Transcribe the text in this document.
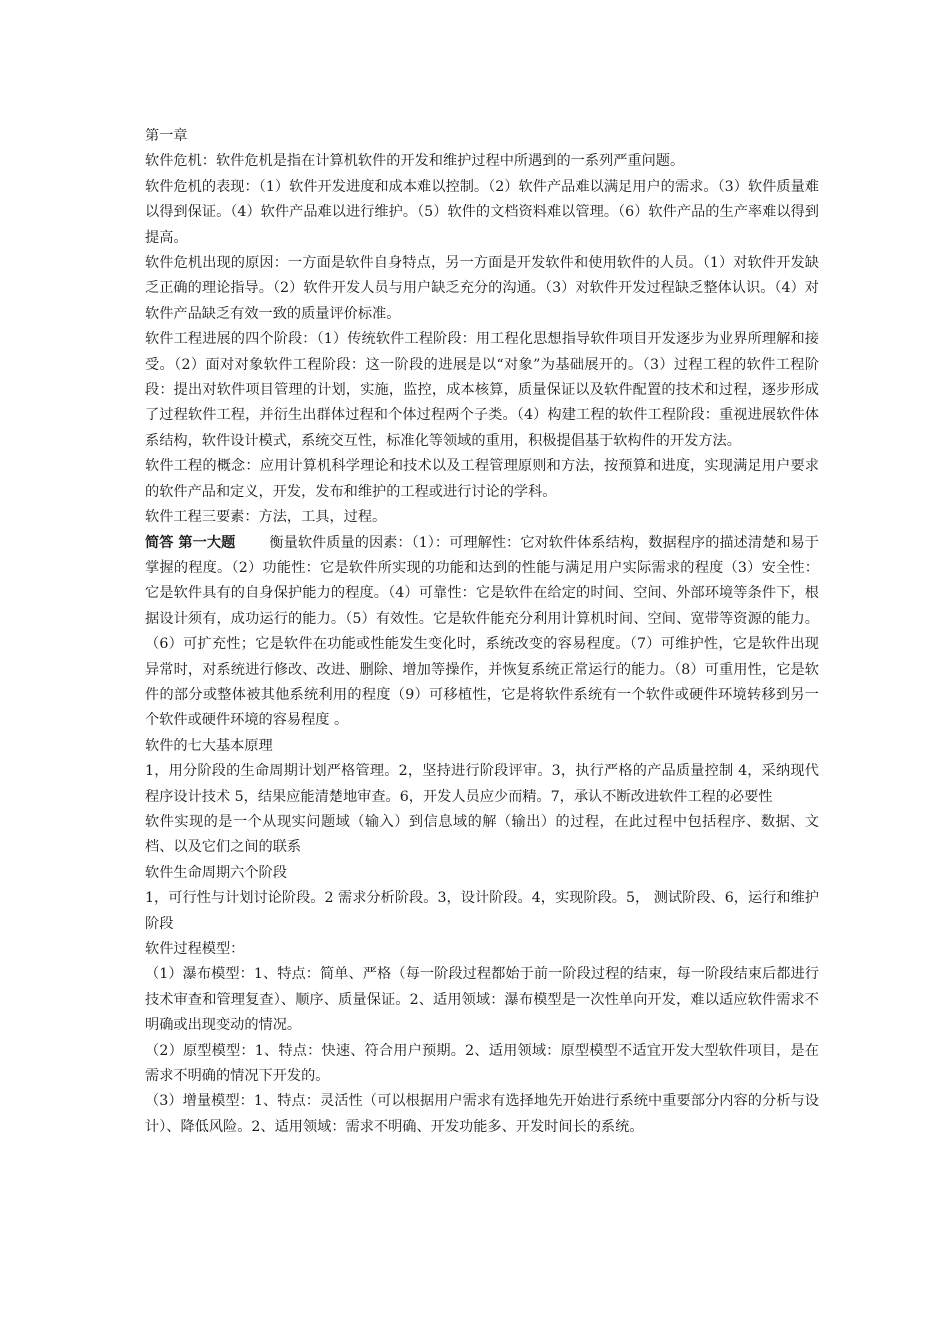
第一章

软件危机：软件危机是指在计算机软件的开发和维护过程中所遇到的一系列严重问题。

软件危机的表现：（1）软件开发进度和成本难以控制。（2）软件产品难以满足用户的需求。（3）软件质量难以得到保证。（4）软件产品难以进行维护。（5）软件的文档资料难以管理。（6）软件产品的生产率难以得到提高。

软件危机出现的原因：一方面是软件自身特点，另一方面是开发软件和使用软件的人员。（1）对软件开发缺乏正确的理论指导。（2）软件开发人员与用户缺乏充分的沟通。（3）对软件开发过程缺乏整体认识。（4）对软件产品缺乏有效一致的质量评价标准。

软件工程进展的四个阶段：（1）传统软件工程阶段：用工程化思想指导软件项目开发逐步为业界所理解和接受。（2）面对对象软件工程阶段：这一阶段的进展是以“对象”为基础展开的。（3）过程工程的软件工程阶段：提出对软件项目管理的计划，实施，监控，成本核算，质量保证以及软件配置的技术和过程，逐步形成了过程软件工程，并衍生出群体过程和个体过程两个子类。（4）构建工程的软件工程阶段：重视进展软件体系结构，软件设计模式，系统交互性，标准化等领域的重用，积极提倡基于软构件的开发方法。

软件工程的概念：应用计算机科学理论和技术以及工程管理原则和方法，按预算和进度，实现满足用户要求的软件产品和定义，开发，发布和维护的工程或进行讨论的学科。

软件工程三要素：方法，工具，过程。

简答 第一大题 衡量软件质量的因素：（1）：可理解性：它对软件体系结构，数据程序的描述清楚和易于掌握的程度。（2）功能性：它是软件所实现的功能和达到的性能与满足用户实际需求的程度（3）安全性：它是软件具有的自身保护能力的程度。（4）可靠性：它是软件在给定的时间、空间、外部环境等条件下，根据设计须有，成功运行的能力。（5）有效性。它是软件能充分利用计算机时间、空间、宽带等资源的能力。（6）可扩充性；它是软件在功能或性能发生变化时，系统改变的容易程度。（7）可维护性，它是软件出现异常时，对系统进行修改、改进、删除、增加等操作，并恢复系统正常运行的能力。（8）可重用性，它是软件的部分或整体被其他系统利用的程度（9）可移植性，它是将软件系统有一个软件或硬件环境转移到另一个软件或硬件环境的容易程度 。

软件的七大基本原理

1，用分阶段的生命周期计划严格管理。2，坚持进行阶段评审。3，执行严格的产品质量控制 4，采纳现代程序设计技术 5，结果应能清楚地审查。6，开发人员应少而精。7，承认不断改进软件工程的必要性

软件实现的是一个从现实问题域（输入）到信息域的解（输出）的过程，在此过程中包括程序、数据、文档、以及它们之间的联系

软件生命周期六个阶段

1，可行性与计划讨论阶段。2 需求分析阶段。3，设计阶段。4，实现阶段。5， 测试阶段、6，运行和维护阶段

软件过程模型：

（1）瀑布模型：1、特点：简单、严格（每一阶段过程都始于前一阶段过程的结束，每一阶段结束后都进行技术审查和管理复查）、顺序、质量保证。2、适用领域：瀑布模型是一次性单向开发，难以适应软件需求不明确或出现变动的情况。

（2）原型模型：1、特点：快速、符合用户预期。2、适用领域：原型模型不适宜开发大型软件项目，是在需求不明确的情况下开发的。

（3）增量模型：1、特点：灵活性（可以根据用户需求有选择地先开始进行系统中重要部分内容的分析与设计）、降低风险。2、适用领域：需求不明确、开发功能多、开发时间长的系统。
